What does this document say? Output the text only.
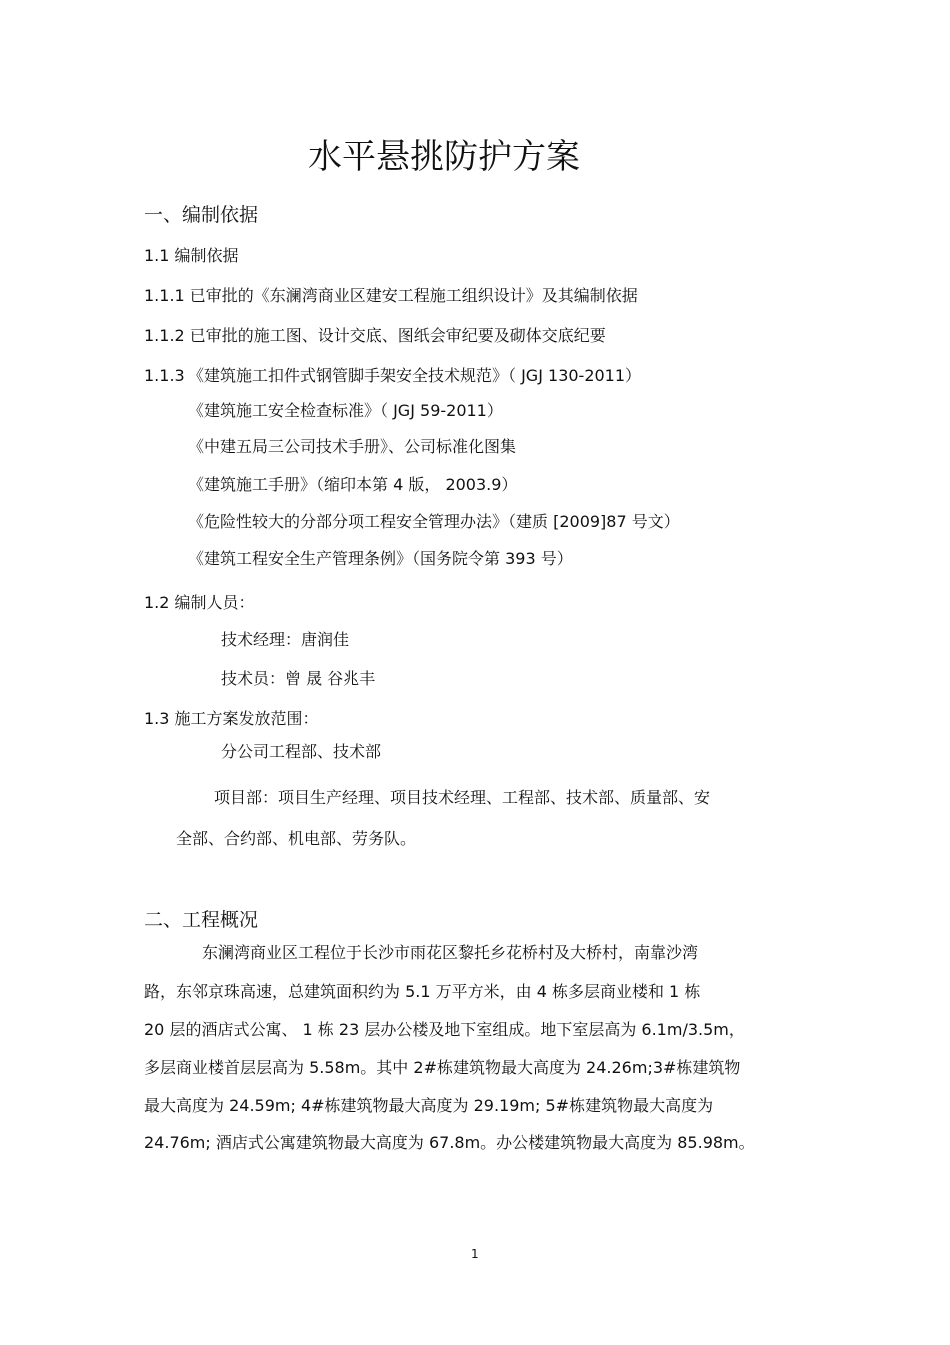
水平悬挑防护方案
一、编制依据
1.1 编制依据
1.1.1 已审批的《东澜湾商业区建安工程施工组织设计》及其编制依据
1.1.2 已审批的施工图、设计交底、图纸会审纪要及砌体交底纪要
1.1.3 《建筑施工扣件式钢管脚手架安全技术规范》（ JGJ 130-2011）
《建筑施工安全检查标准》（ JGJ 59-2011）
《中建五局三公司技术手册》、公司标准化图集
《建筑施工手册》（缩印本第 4 版， 2003.9）
《危险性较大的分部分项工程安全管理办法》（建质 [2009]87 号文）
《建筑工程安全生产管理条例》（国务院令第 393 号）
1.2 编制人员：
技术经理：唐润佳
技术员：曾 晟 谷兆丰
1.3 施工方案发放范围：
分公司工程部、技术部
项目部：项目生产经理、项目技术经理、工程部、技术部、质量部、安
全部、合约部、机电部、劳务队。
二、工程概况
东澜湾商业区工程位于长沙市雨花区黎托乡花桥村及大桥村，南靠沙湾
路，东邻京珠高速，总建筑面积约为 5.1 万平方米，由 4 栋多层商业楼和 1 栋
20 层的酒店式公寓、 1 栋 23 层办公楼及地下室组成。地下室层高为 6.1m/3.5m，
多层商业楼首层层高为 5.58m。其中 2#栋建筑物最大高度为 24.26m;3#栋建筑物
最大高度为 24.59m; 4#栋建筑物最大高度为 29.19m; 5#栋建筑物最大高度为
24.76m; 酒店式公寓建筑物最大高度为 67.8m。办公楼建筑物最大高度为 85.98m。
1
